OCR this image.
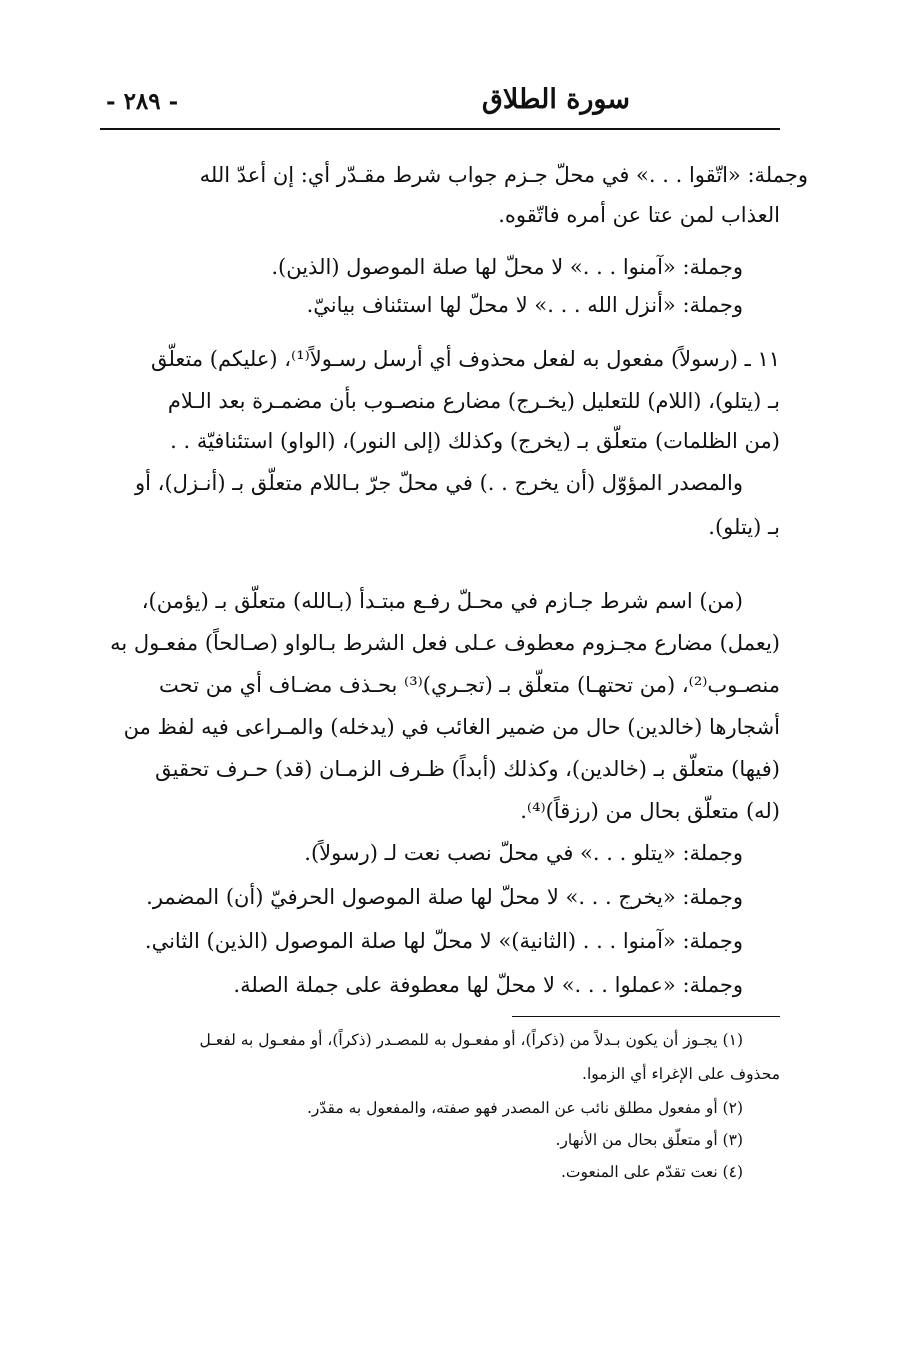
سورة الطلاق
- ٢٨٩ -
وجملة: «اتّقوا . . .» في محلّ جـزم جواب شرط مقـدّر أي: إن أعدّ الله
العذاب لمن عتا عن أمره فاتّقوه.
وجملة: «آمنوا . . .» لا محلّ لها صلة الموصول (الذين).
وجملة: «أنزل الله . . .» لا محلّ لها استئناف بيانيّ.
١١ ـ (رسولاً) مفعول به لفعل محذوف أي أرسل رسـولاً⁽¹⁾، (عليكم) متعلّق
بـ (يتلو)، (اللام) للتعليل (يخـرج) مضارع منصـوب بأن مضمـرة بعد الـلام
(من الظلمات) متعلّق بـ (يخرج) وكذلك (إلى النور)، (الواو) استئنافيّة . .
والمصدر المؤوّل (أن يخرج . .) في محلّ جرّ بـاللام متعلّق بـ (أنـزل)، أو
بـ (يتلو).
(من) اسم شرط جـازم في محـلّ رفـع مبتـدأ (بـالله) متعلّق بـ (يؤمن)،
(يعمل) مضارع مجـزوم معطوف عـلى فعل الشرط بـالواو (صـالحاً) مفعـول به
منصـوب⁽²⁾، (من تحتهـا) متعلّق بـ (تجـري)⁽³⁾ بحـذف مضـاف أي من تحت
أشجارها (خالدين) حال من ضمير الغائب في (يدخله) والمـراعى فيه لفظ من
(فيها) متعلّق بـ (خالدين)، وكذلك (أبداً) ظـرف الزمـان (قد) حـرف تحقيق
(له) متعلّق بحال من (رزقاً)⁽⁴⁾.
وجملة: «يتلو . . .» في محلّ نصب نعت لـ (رسولاً).
وجملة: «يخرج . . .» لا محلّ لها صلة الموصول الحرفيّ (أن) المضمر.
وجملة: «آمنوا . . . (الثانية)» لا محلّ لها صلة الموصول (الذين) الثاني.
وجملة: «عملوا . . .» لا محلّ لها معطوفة على جملة الصلة.
(١) يجـوز أن يكون بـدلاً من (ذكراً)، أو مفعـول به للمصـدر (ذكراً)، أو مفعـول به لفعـل
محذوف على الإغراء أي الزموا.
(٢) أو مفعول مطلق نائب عن المصدر فهو صفته، والمفعول به مقدّر.
(٣) أو متعلّق بحال من الأنهار.
(٤) نعت تقدّم على المنعوت.
